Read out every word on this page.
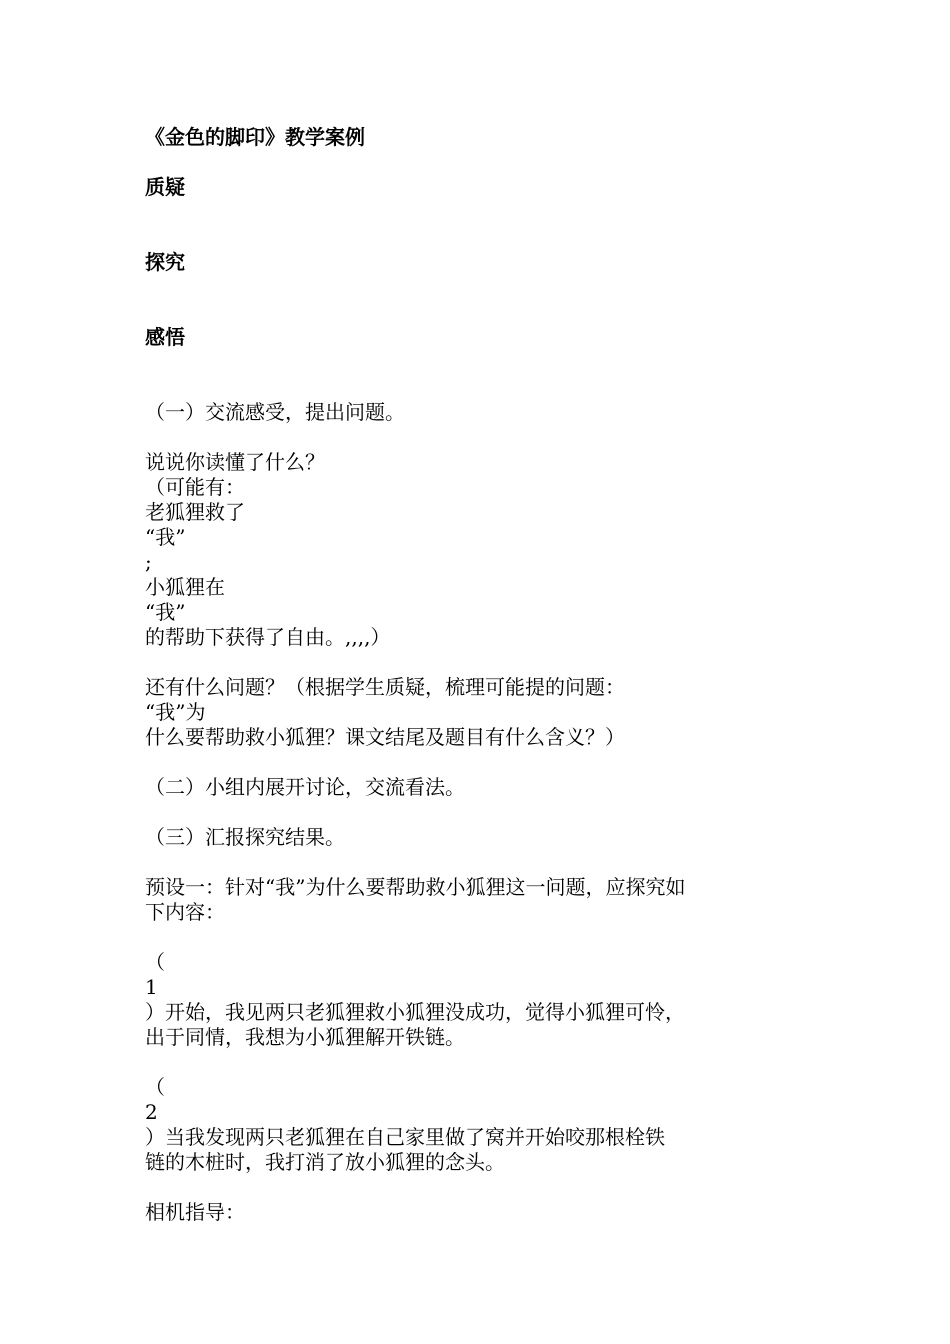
《金色的脚印》教学案例
质疑
探究
感悟
（一）交流感受，提出问题。
说说你读懂了什么？
（可能有：
老狐狸救了
“我”
;
小狐狸在
“我”
的帮助下获得了自由。,,,,）
还有什么问题？（根据学生质疑，梳理可能提的问题：
“我”为
什么要帮助救小狐狸？课文结尾及题目有什么含义？）
（二）小组内展开讨论，交流看法。
（三）汇报探究结果。
预设一：针对“我”为什么要帮助救小狐狸这一问题，应探究如
下内容：
（
1
）开始，我见两只老狐狸救小狐狸没成功，觉得小狐狸可怜，
出于同情，我想为小狐狸解开铁链。
（
2
）当我发现两只老狐狸在自己家里做了窝并开始咬那根栓铁
链的木桩时，我打消了放小狐狸的念头。
相机指导：
